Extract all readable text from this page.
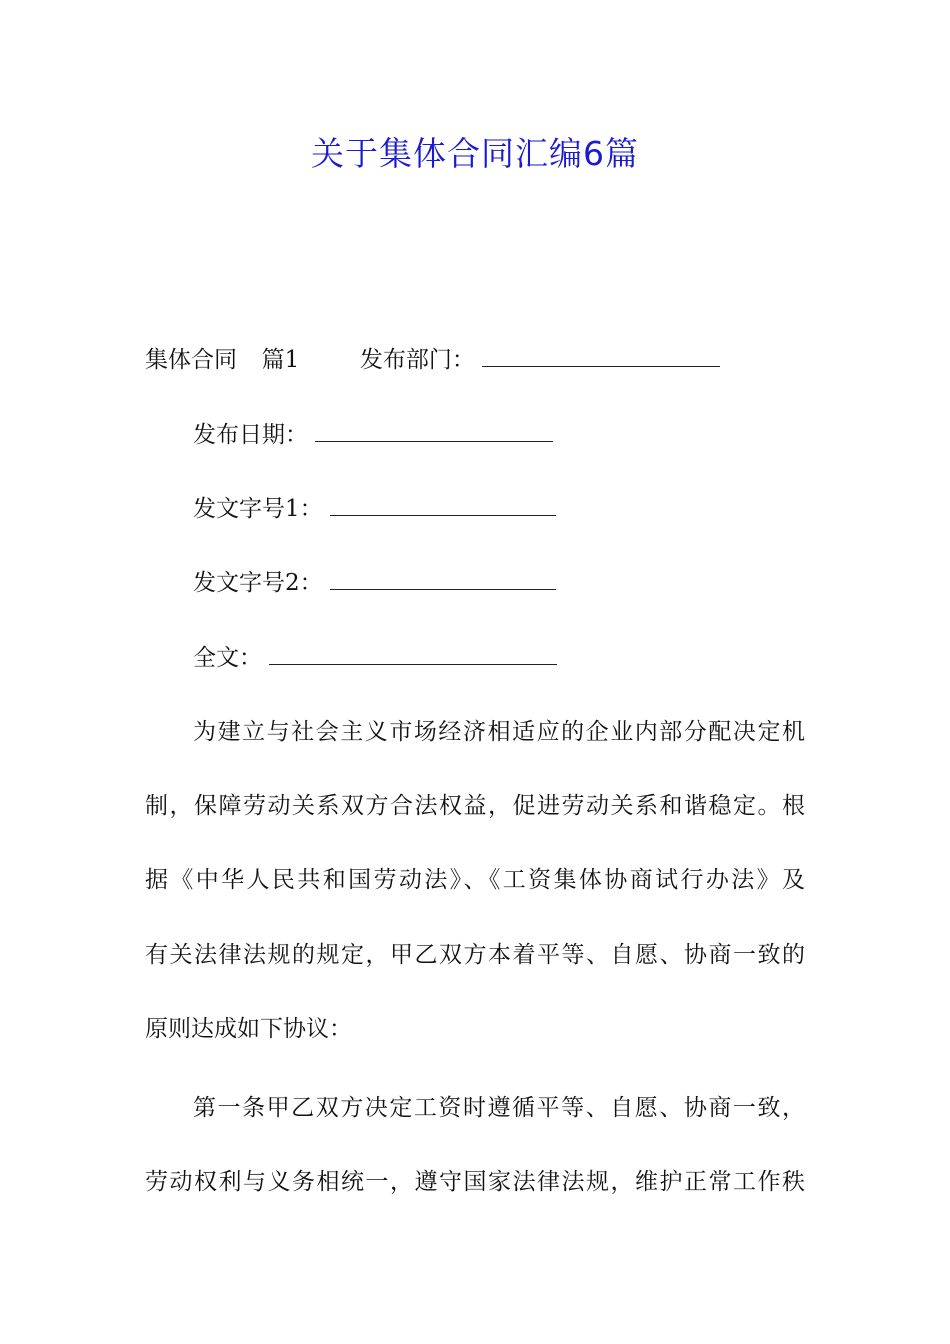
关于集体合同汇编6篇
集体合同 篇1	发布部门：
发布日期：
发文字号1：
发文字号2：
全文：
为建立与社会主义市场经济相适应的企业内部分配决定机
制，保障劳动关系双方合法权益，促进劳动关系和谐稳定。根
据《中华人民共和国劳动法》、《工资集体协商试行办法》及
有关法律法规的规定，甲乙双方本着平等、自愿、协商一致的
原则达成如下协议：
第一条甲乙双方决定工资时遵循平等、自愿、协商一致，
劳动权利与义务相统一，遵守国家法律法规，维护正常工作秩
